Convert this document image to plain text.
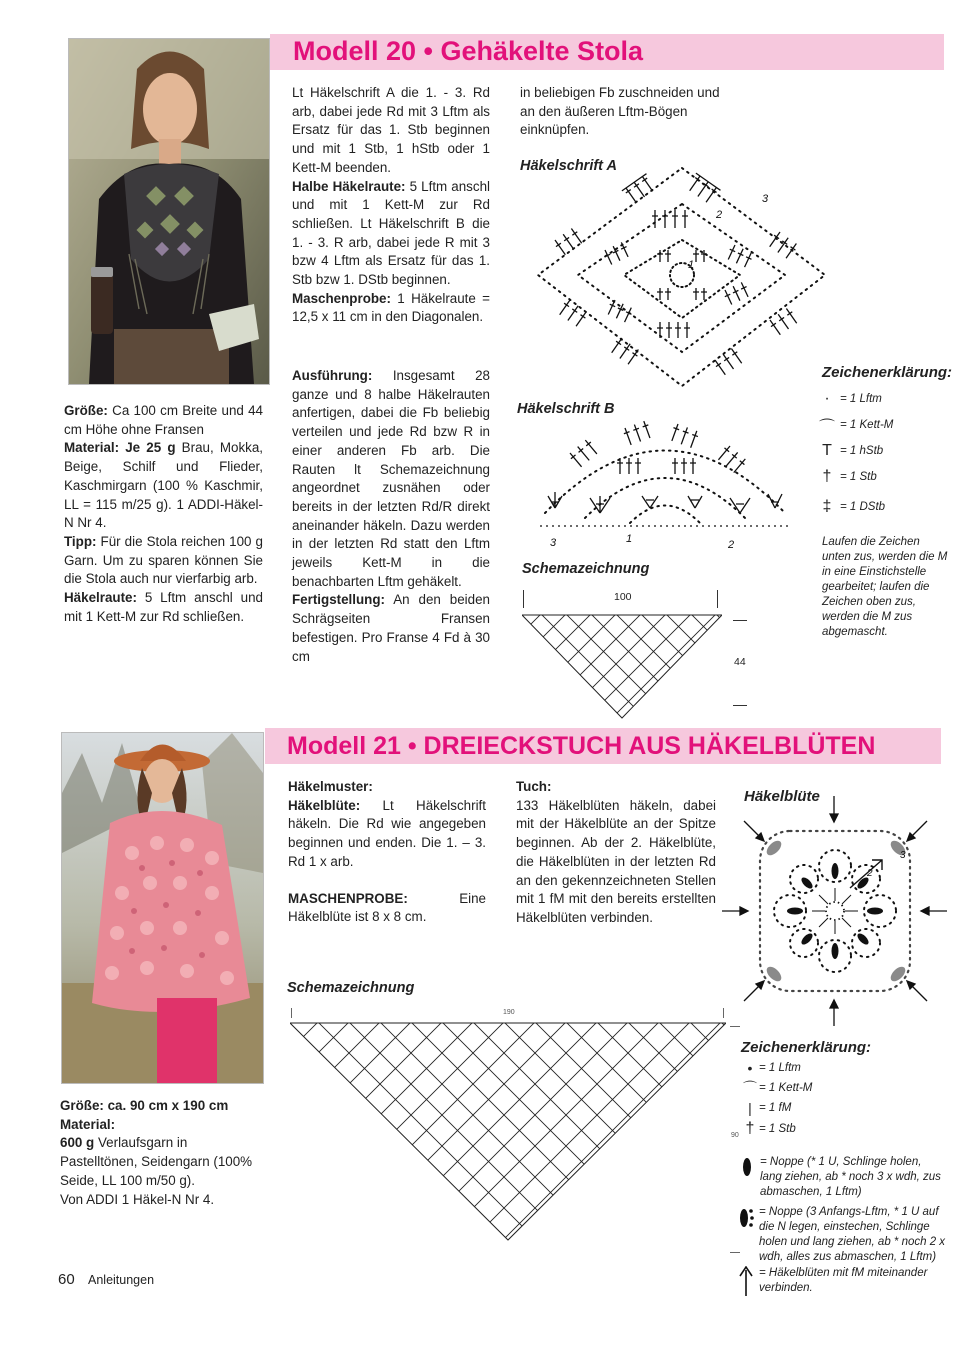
Modell 20 • Gehäkelte Stola

Größe: Ca 100 cm Breite und 44 cm Höhe ohne Fransen

Material: Je 25 g Brau, Mokka, Beige, Schilf und Flieder, Kaschmirgarn (100 % Kaschmir, LL = 115 m/25 g). 1 ADDI-Häkel-N Nr 4.

Tipp: Für die Stola reichen 100 g Garn. Um zu sparen können Sie die Stola auch nur vierfarbig arb.

Häkelraute: 5 Lftm anschl und mit 1 Kett-M zur Rd schließen.

Lt Häkelschrift A die 1. - 3. Rd arb, dabei jede Rd mit 3 Lftm als Ersatz für das 1. Stb beginnen und mit 1 Stb, 1 hStb oder 1 Kett-M beenden.

Halbe Häkelraute: 5 Lftm anschl und mit 1 Kett-M zur Rd schließen. Lt Häkelschrift B die 1. - 3. R arb, dabei jede R mit 3 bzw 4 Lftm als Ersatz für das 1. Stb bzw 1. DStb beginnen.

Maschenprobe: 1 Häkelraute = 12,5 x 11 cm in den Diagonalen.

Ausführung: Insgesamt 28 ganze und 8 halbe Häkelrauten anfertigen, dabei die Fb beliebig verteilen und jede Rd bzw R in einer anderen Fb arb. Die Rauten lt Schemazeichnung angeordnet zusnähen oder bereits in der letzten Rd/R direkt aneinander häkeln. Dazu werden in der letzten Rd statt den Lftm jeweils Kett-M in die benachbarten Lftm gehäkelt.

Fertigstellung: An den beiden Schrägseiten Fransen befestigen. Pro Franse 4 Fd à 30 cm

in beliebigen Fb zuschneiden und an den äußeren Lftm-Bögen einknüpfen.

Häkelschrift A
1
2
3
Häkelschrift B
1	2
3
Schemazeichnung
100
44
Zeichenerklärung:
· = 1 Lftm
⌒ = 1 Kett-M
T = 1 hStb
† = 1 Stb
‡ = 1 DStb
Laufen die Zeichen unten zus, werden die M in eine Einstichstelle gearbeitet; laufen die Zeichen oben zus, werden die M zus abgemascht.
Modell 21 • DREIECKSTUCH AUS HÄKELBLÜTEN

Größe: ca. 90 cm x 190 cm

Material:

600 g Verlaufsgarn in Pastelltönen, Seidengarn (100% Seide, LL 100 m/50 g).

Von ADDI 1 Häkel-N Nr 4.

Häkelmuster:

Häkelblüte: Lt Häkelschrift häkeln. Die Rd wie angegeben beginnen und enden. Die 1. – 3. Rd 1 x arb.

MASCHENPROBE: Eine Häkelblüte ist 8 x 8 cm.

Tuch:

133 Häkelblüten häkeln, dabei mit der Häkelblüte an der Spitze beginnen. Ab der 2. Häkelblüte, die Häkelblüten in der letzten Rd an den gekennzeichneten Stellen mit 1 fM mit den bereits erstellten Häkelblüten verbinden.

Häkelblüte
1
2
3
Schemazeichnung
190
90
Zeichenerklärung:
• = 1 Lftm
⌒ = 1 Kett-M
| = 1 fM
† = 1 Stb
= Noppe (* 1 U, Schlinge holen, lang ziehen, ab * noch 3 x wdh, zus abmaschen, 1 Lftm)
= Noppe (3 Anfangs-Lftm, * 1 U auf die N legen, einstechen, Schlinge holen und lang ziehen, ab * noch 2 x wdh, alles zus abmaschen, 1 Lftm)
= Häkelblüten mit fM miteinander verbinden.
60 Anleitungen
